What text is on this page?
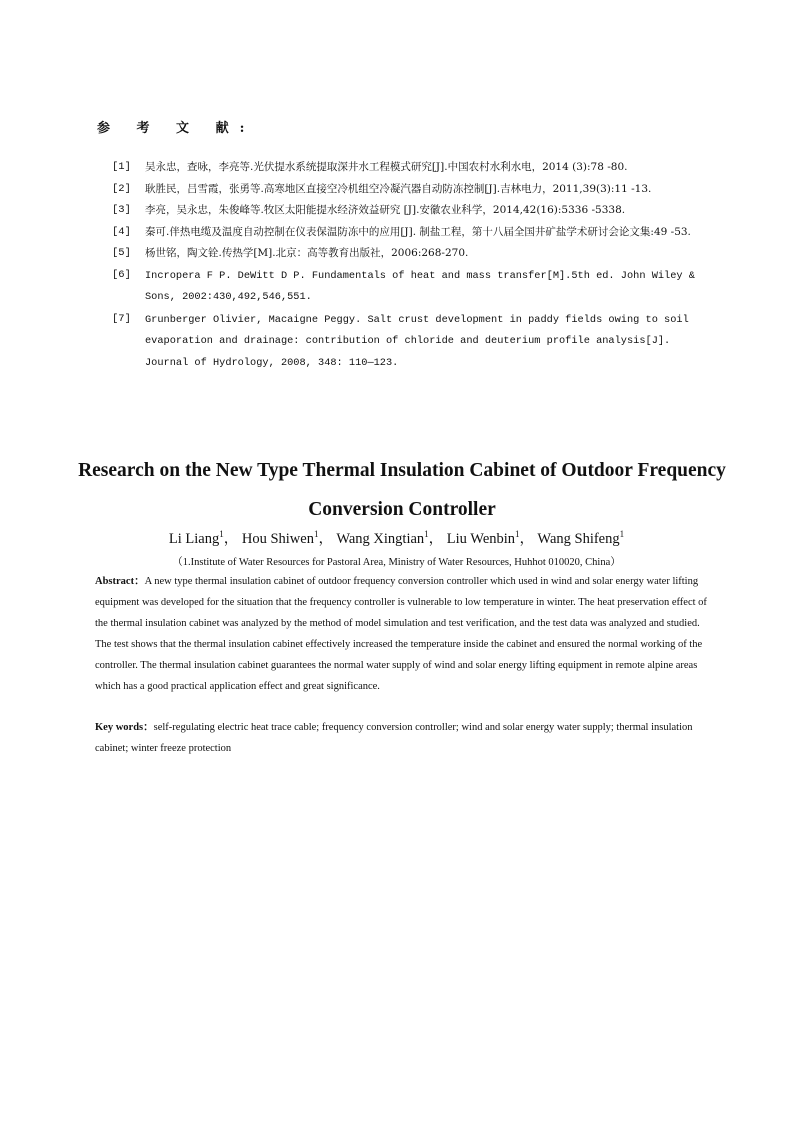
参 考 文 献:
[1] 吴永忠，查咏，李亮等.光伏提水系统提取深井水工程模式研究[J].中国农村水利水电，2014 (3):78 -80.
[2] 耿胜民，吕雪霞，张勇等.高寒地区直接空冷机组空冷凝汽器自动防冻控制[J].吉林电力，2011,39(3):11 -13.
[3] 李亮，吴永忠，朱俊峰等.牧区太阳能提水经济效益研究 [J].安徽农业科学，2014,42(16):5336 -5338.
[4] 秦可.伴热电缆及温度自动控制在仪表保温防冻中的应用[J]. 制盐工程，第十八届全国井矿盐学术研讨会论文集:49 -53.
[5] 杨世铭，陶文铨.传热学[M].北京：高等教育出版社，2006:268-270.
[6] Incropera F P. DeWitt D P. Fundamentals of heat and mass transfer[M].5th ed. John Wiley & Sons, 2002:430,492,546,551.
[7] Grunberger Olivier, Macaigne Peggy. Salt crust development in paddy fields owing to soil evaporation and drainage: contribution of chloride and deuterium profile analysis[J]. Journal of Hydrology, 2008, 348: 110—123.
Research on the New Type Thermal Insulation Cabinet of Outdoor Frequency Conversion Controller
Li Liang$^1$， Hou Shiwen$^1$， Wang Xingtian$^1$， Liu Wenbin$^1$， Wang Shifeng$^1$
（1.Institute of Water Resources for Pastoral Area, Ministry of Water Resources, Huhhot 010020, China）
Abstract：A new type thermal insulation cabinet of outdoor frequency conversion controller which used in wind and solar energy water lifting equipment was developed for the situation that the frequency controller is vulnerable to low temperature in winter. The heat preservation effect of the thermal insulation cabinet was analyzed by the method of model simulation and test verification, and the test data was analyzed and studied. The test shows that the thermal insulation cabinet effectively increased the temperature inside the cabinet and ensured the normal working of the controller. The thermal insulation cabinet guarantees the normal water supply of wind and solar energy lifting equipment in remote alpine areas which has a good practical application effect and great significance.
Key words：self-regulating electric heat trace cable; frequency conversion controller; wind and solar energy water supply; thermal insulation cabinet; winter freeze protection
